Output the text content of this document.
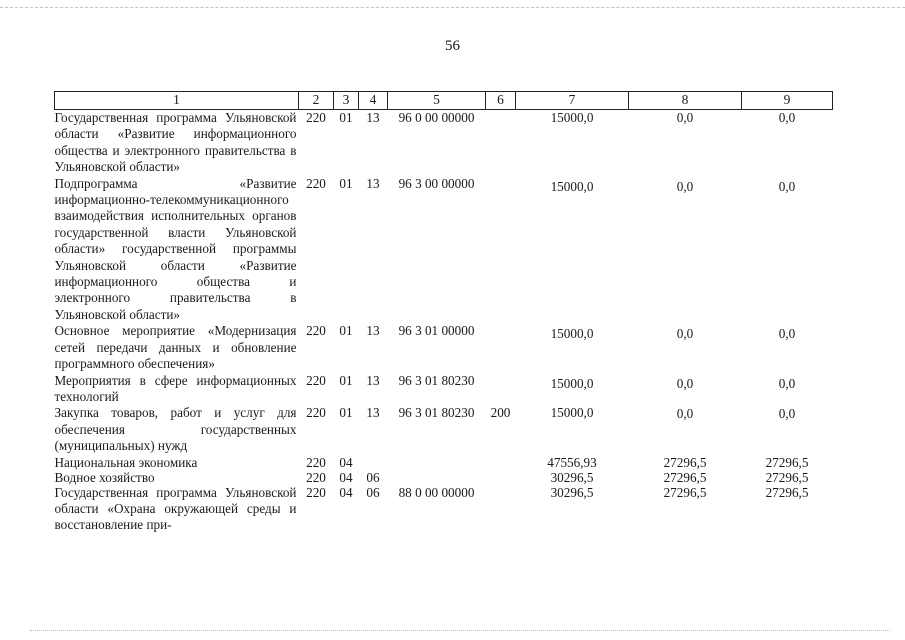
56
1	2	3	4	5	6	7	8	9
Государственная программа Ульяновской области «Развитие информационного общества и электронного правительства в Ульяновской области»	220	01	13	96 0 00 00000		15000,0	0,0	0,0
Подпрограмма «Развитие информационно-телекоммуникационного взаимодействия исполнительных органов государственной власти Ульяновской области» государственной программы Ульяновской области «Развитие информационного общества и электронного правительства в Ульяновской области»	220	01	13	96 3 00 00000		15000,0	0,0	0,0
Основное мероприятие «Модернизация сетей передачи данных и обновление программного обеспечения»	220	01	13	96 3 01 00000		15000,0	0,0	0,0
Мероприятия в сфере информационных технологий	220	01	13	96 3 01 80230		15000,0	0,0	0,0
Закупка товаров, работ и услуг для обеспечения государственных (муниципальных) нужд	220	01	13	96 3 01 80230	200	15000,0	0,0	0,0
Национальная экономика	220	04				47556,93	27296,5	27296,5
Водное хозяйство	220	04	06			30296,5	27296,5	27296,5
Государственная программа Ульяновской области «Охрана окружающей среды и восстановление при-	220	04	06	88 0 00 00000		30296,5	27296,5	27296,5
